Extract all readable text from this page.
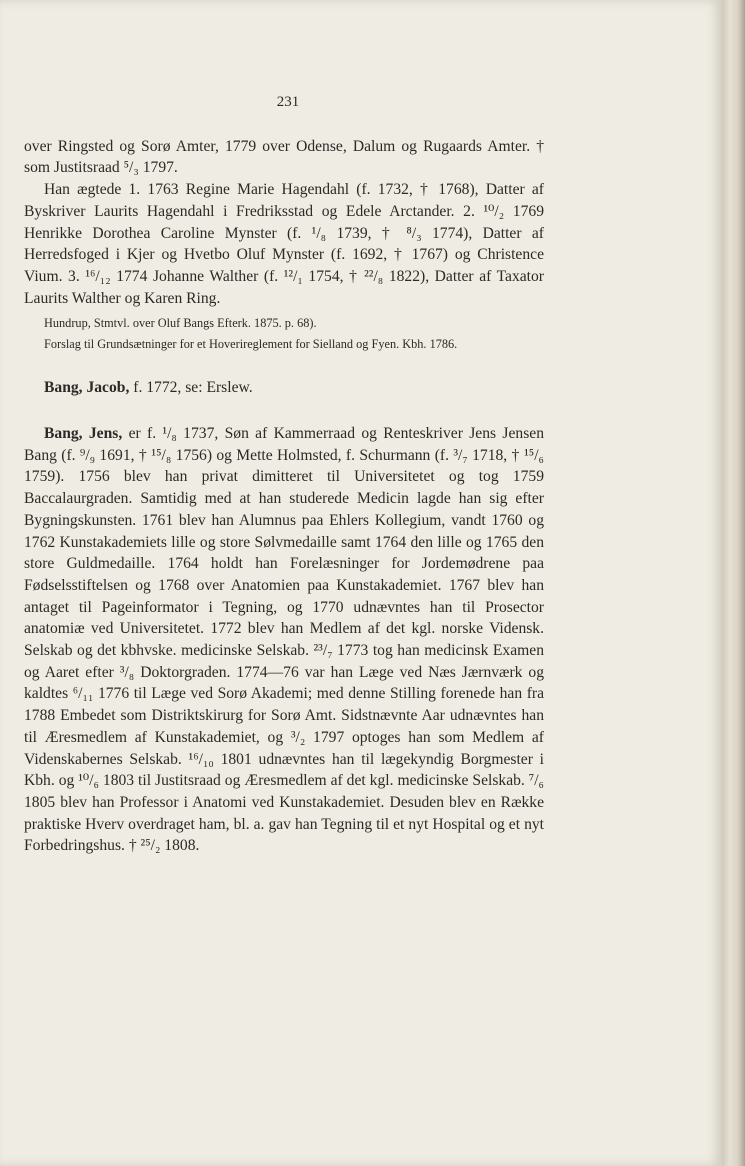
231

over Ringsted og Sorø Amter, 1779 over Odense, Dalum og Rugaards Amter. † som Justitsraad ⁵/₃ 1797.

Han ægtede 1. 1763 Regine Marie Hagendahl (f. 1732, † 1768), Datter af Byskriver Laurits Hagendahl i Fredriksstad og Edele Arctander. 2. ¹⁰/₂ 1769 Henrikke Dorothea Caroline Mynster (f. ¹/₈ 1739, † ⁸/₃ 1774), Datter af Herredsfoged i Kjer og Hvetbo Oluf Mynster (f. 1692, † 1767) og Christence Vium. 3. ¹⁶/₁₂ 1774 Johanne Walther (f. ¹²/₁ 1754, † ²²/₈ 1822), Datter af Taxator Laurits Walther og Karen Ring.

Hundrup, Stmtvl. over Oluf Bangs Efterk. 1875. p. 68).

Forslag til Grundsætninger for et Hoverireglement for Sielland og Fyen. Kbh. 1786.

Bang, Jacob, f. 1772, se: Erslew.

Bang, Jens, er f. ¹/₈ 1737, Søn af Kammerraad og Renteskriver Jens Jensen Bang (f. ⁹/₉ 1691, † ¹⁵/₈ 1756) og Mette Holmsted, f. Schurmann (f. ³/₇ 1718, † ¹⁵/₆ 1759). 1756 blev han privat dimitteret til Universitetet og tog 1759 Baccalaurgraden. Samtidig med at han studerede Medicin lagde han sig efter Bygningskunsten. 1761 blev han Alumnus paa Ehlers Kollegium, vandt 1760 og 1762 Kunstakademiets lille og store Sølvmedaille samt 1764 den lille og 1765 den store Guldmedaille. 1764 holdt han Forelæsninger for Jordemødrene paa Fødselsstiftelsen og 1768 over Anatomien paa Kunstakademiet. 1767 blev han antaget til Pageinformator i Tegning, og 1770 udnævntes han til Prosector anatomiæ ved Universitetet. 1772 blev han Medlem af det kgl. norske Vidensk. Selskab og det kbhvske. medicinske Selskab. ²³/₇ 1773 tog han medicinsk Examen og Aaret efter ³/₈ Doktorgraden. 1774—76 var han Læge ved Næs Jærnværk og kaldtes ⁶/₁₁ 1776 til Læge ved Sorø Akademi; med denne Stilling forenede han fra 1788 Embedet som Distriktskirurg for Sorø Amt. Sidstnævnte Aar udnævntes han til Æresmedlem af Kunstakademiet, og ³/₂ 1797 optoges han som Medlem af Videnskabernes Selskab. ¹⁶/₁₀ 1801 udnævntes han til lægekyndig Borgmester i Kbh. og ¹⁰/₆ 1803 til Justitsraad og Æresmedlem af det kgl. medicinske Selskab. ⁷/₆ 1805 blev han Professor i Anatomi ved Kunstakademiet. Desuden blev en Række praktiske Hverv overdraget ham, bl. a. gav han Tegning til et nyt Hospital og et nyt Forbedringshus. † ²⁵/₂ 1808.
